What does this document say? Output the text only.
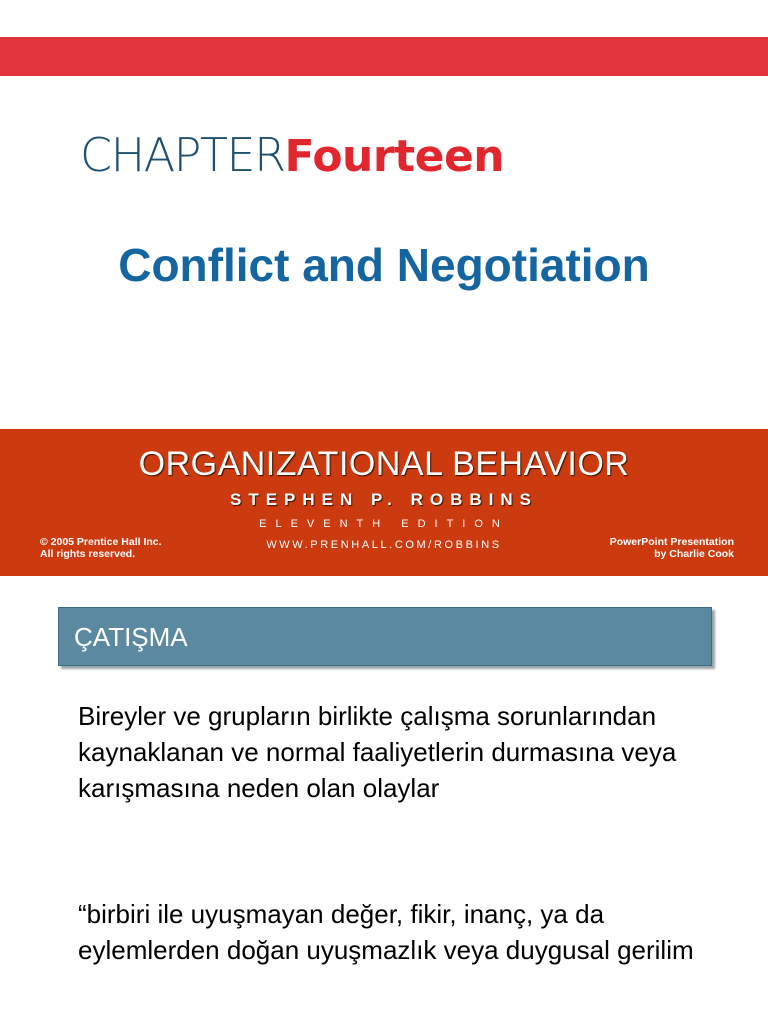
CHAPTER Fourteen
Conflict and Negotiation
ORGANIZATIONAL BEHAVIOR
STEPHEN P. ROBBINS
ELEVENTH EDITION
WWW.PRENHALL.COM/ROBBINS
© 2005 Prentice Hall Inc.
All rights reserved.
PowerPoint Presentation
by Charlie Cook
ÇATIŞMA

Bireyler ve grupların birlikte çalışma sorunlarından kaynaklanan ve normal faaliyetlerin durmasına veya karışmasına neden olan olaylar

“birbiri ile uyuşmayan değer, fikir, inanç, ya da eylemlerden doğan uyuşmazlık veya duygusal gerilim
